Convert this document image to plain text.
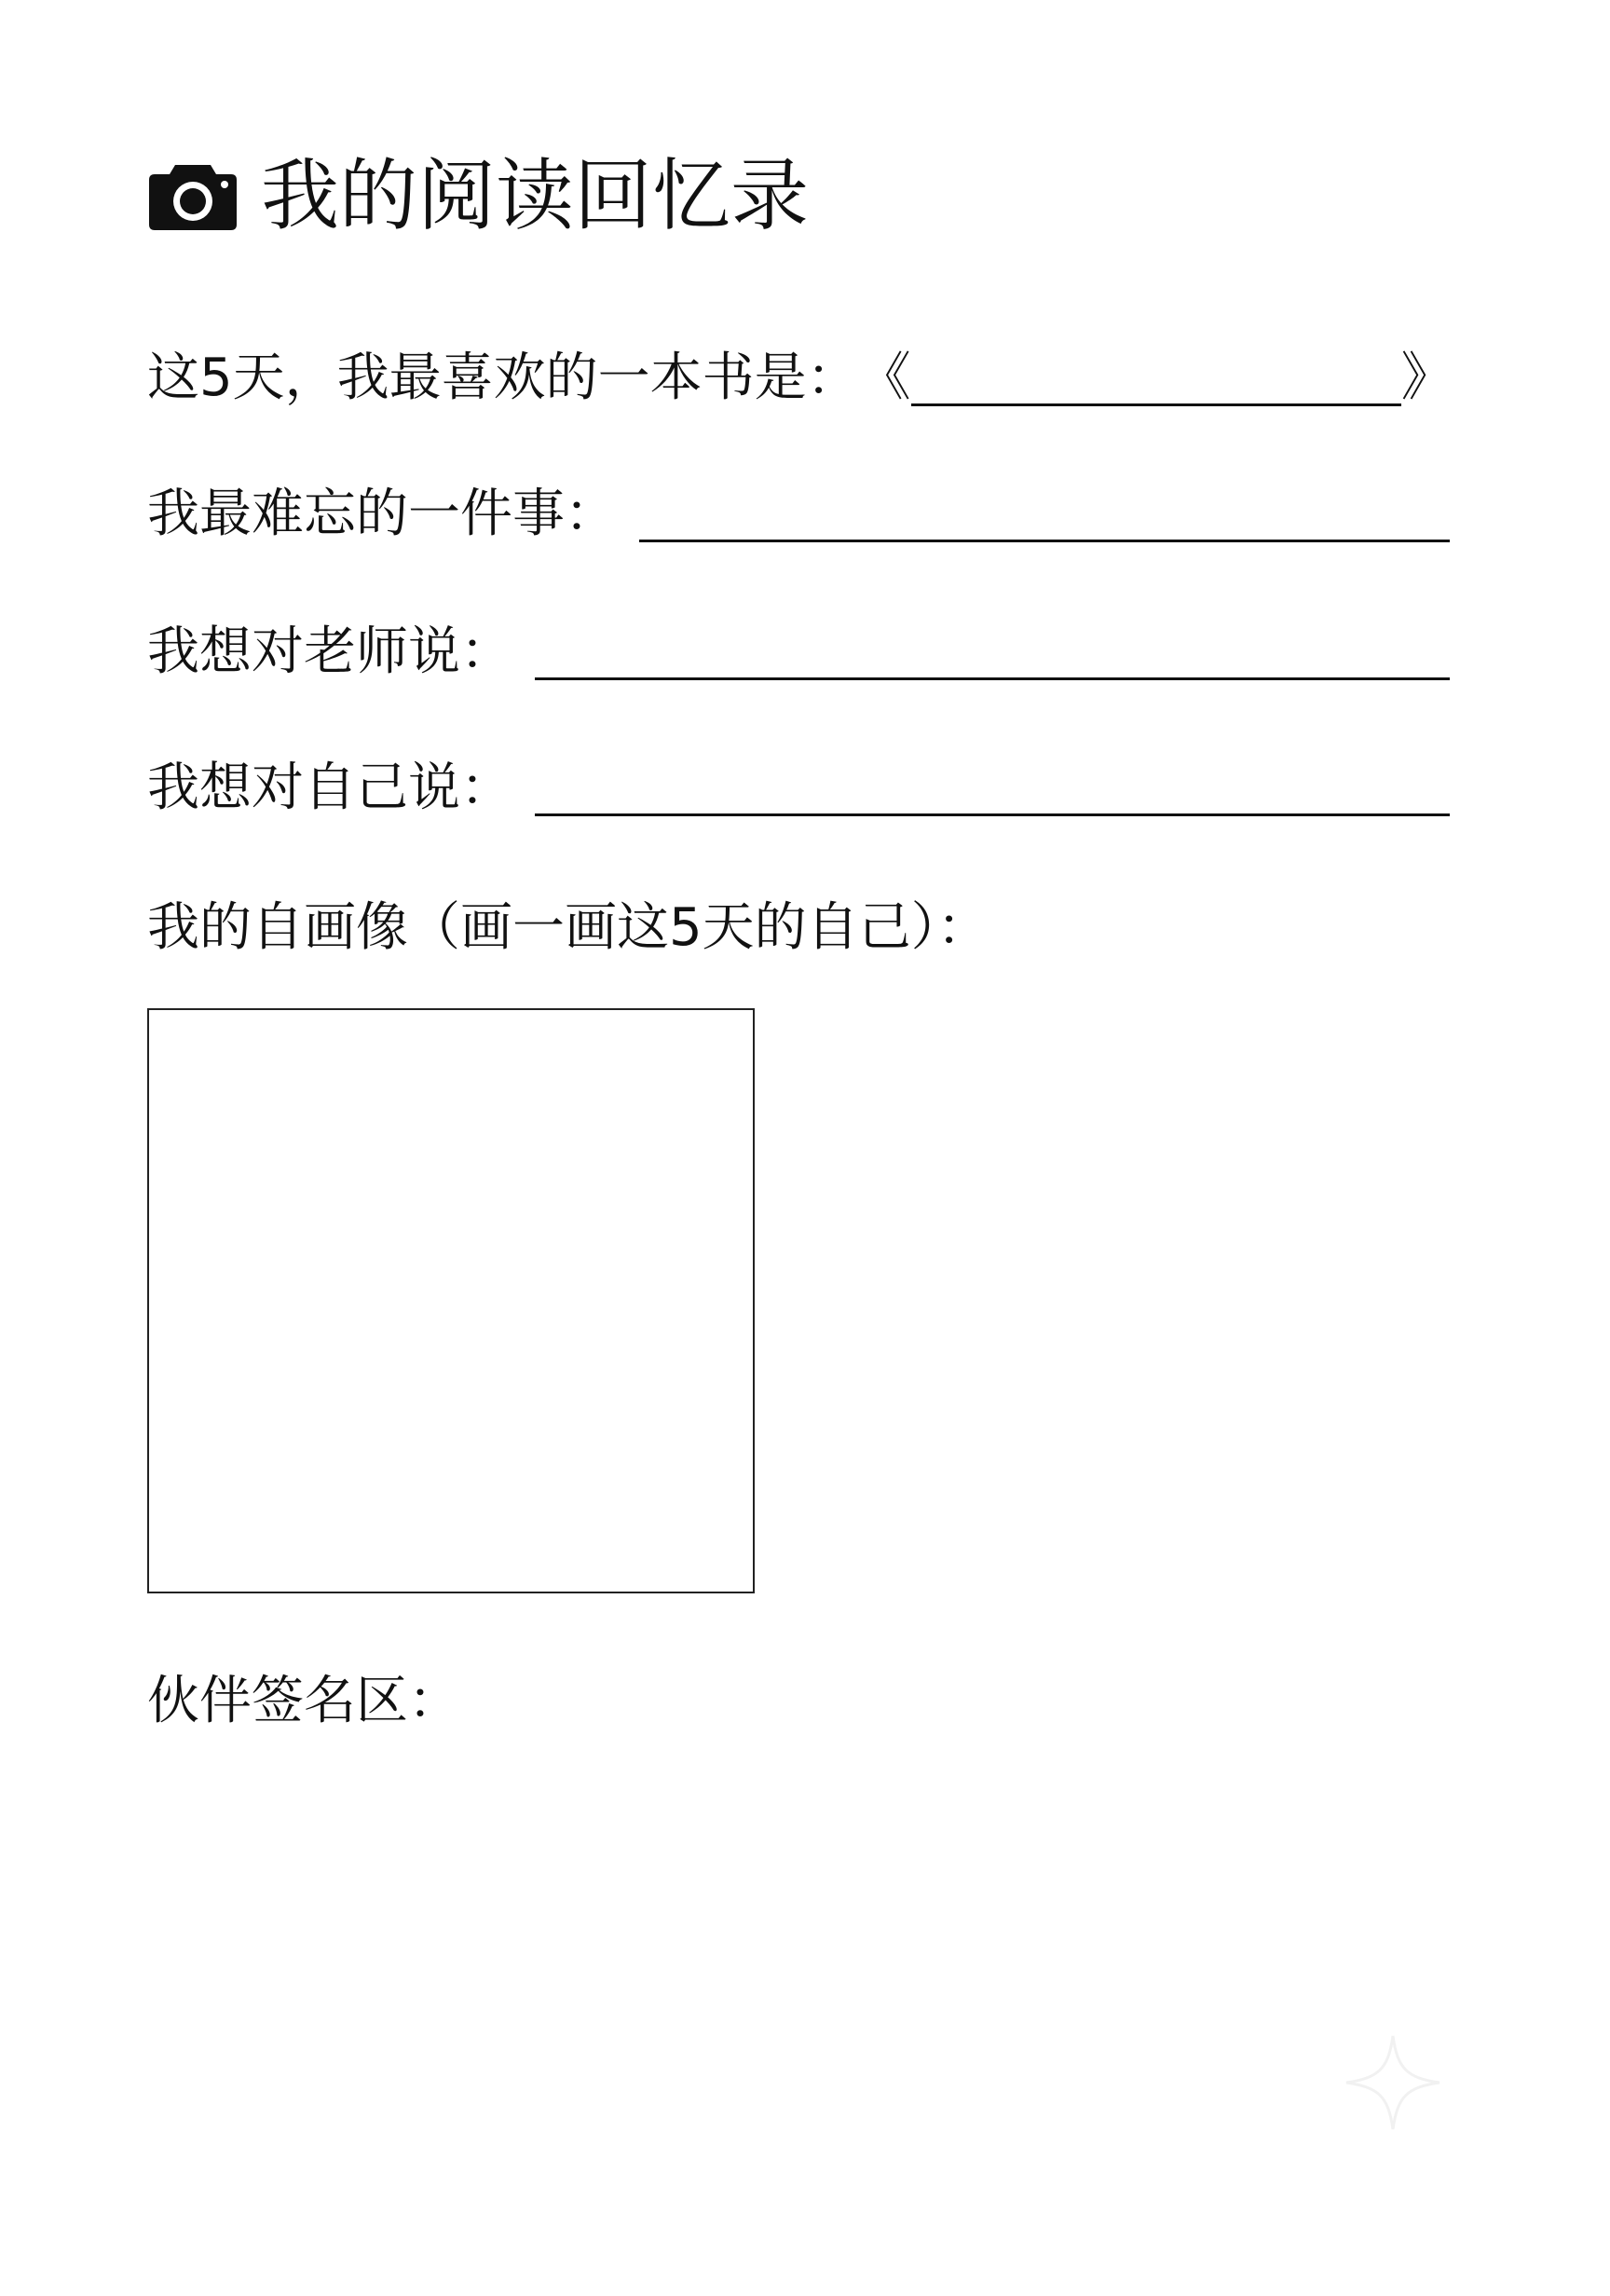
我的阅读回忆录
这5天，我最喜欢的一本书是： 《	》
我最难忘的一件事：
我想对老师说：
我想对自己说：
我的自画像（画一画这5天的自己）：
伙伴签名区：
